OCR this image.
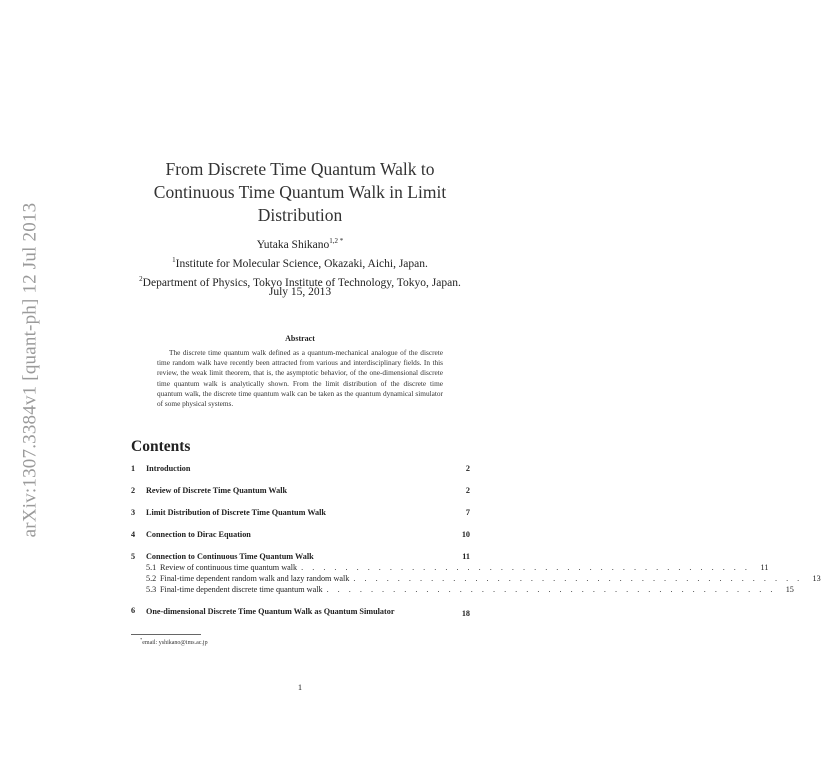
arXiv:1307.3384v1 [quant-ph] 12 Jul 2013
From Discrete Time Quantum Walk to
Continuous Time Quantum Walk in Limit
Distribution
Yutaka Shikano$^{1,2 *}$
$^1$Institute for Molecular Science, Okazaki, Aichi, Japan.
$^2$Department of Physics, Tokyo Institute of Technology, Tokyo, Japan.
July 15, 2013
Abstract
The discrete time quantum walk defined as a quantum-mechanical analogue of the discrete time random walk have recently been attracted from various and interdisciplinary fields. In this review, the weak limit theorem, that is, the asymptotic behavior, of the one-dimensional discrete time quantum walk is analytically shown. From the limit distribution of the discrete time quantum walk, the discrete time quantum walk can be taken as the quantum dynamical simulator of some physical systems.
Contents
1	Introduction	2
2	Review of Discrete Time Quantum Walk	2
3	Limit Distribution of Discrete Time Quantum Walk	7
4	Connection to Dirac Equation	10
5	Connection to Continuous Time Quantum Walk	11
5.1 Review of continuous time quantum walk . . . . . . . . . . . . . . . . . . . . . . . . . . . . . . . . . . . . . . . . .	11
5.2 Final-time dependent random walk and lazy random walk . . . . . . . . . . . . . . . . . . . . . . . . . . . . . . . . . . . . . . . . .	13
5.3 Final-time dependent discrete time quantum walk . . . . . . . . . . . . . . . . . . . . . . . . . . . . . . . . . . . . . . . . .	15
6	One-dimensional Discrete Time Quantum Walk as Quantum Simulator	18
*email: yshikano@ims.ac.jp
1
